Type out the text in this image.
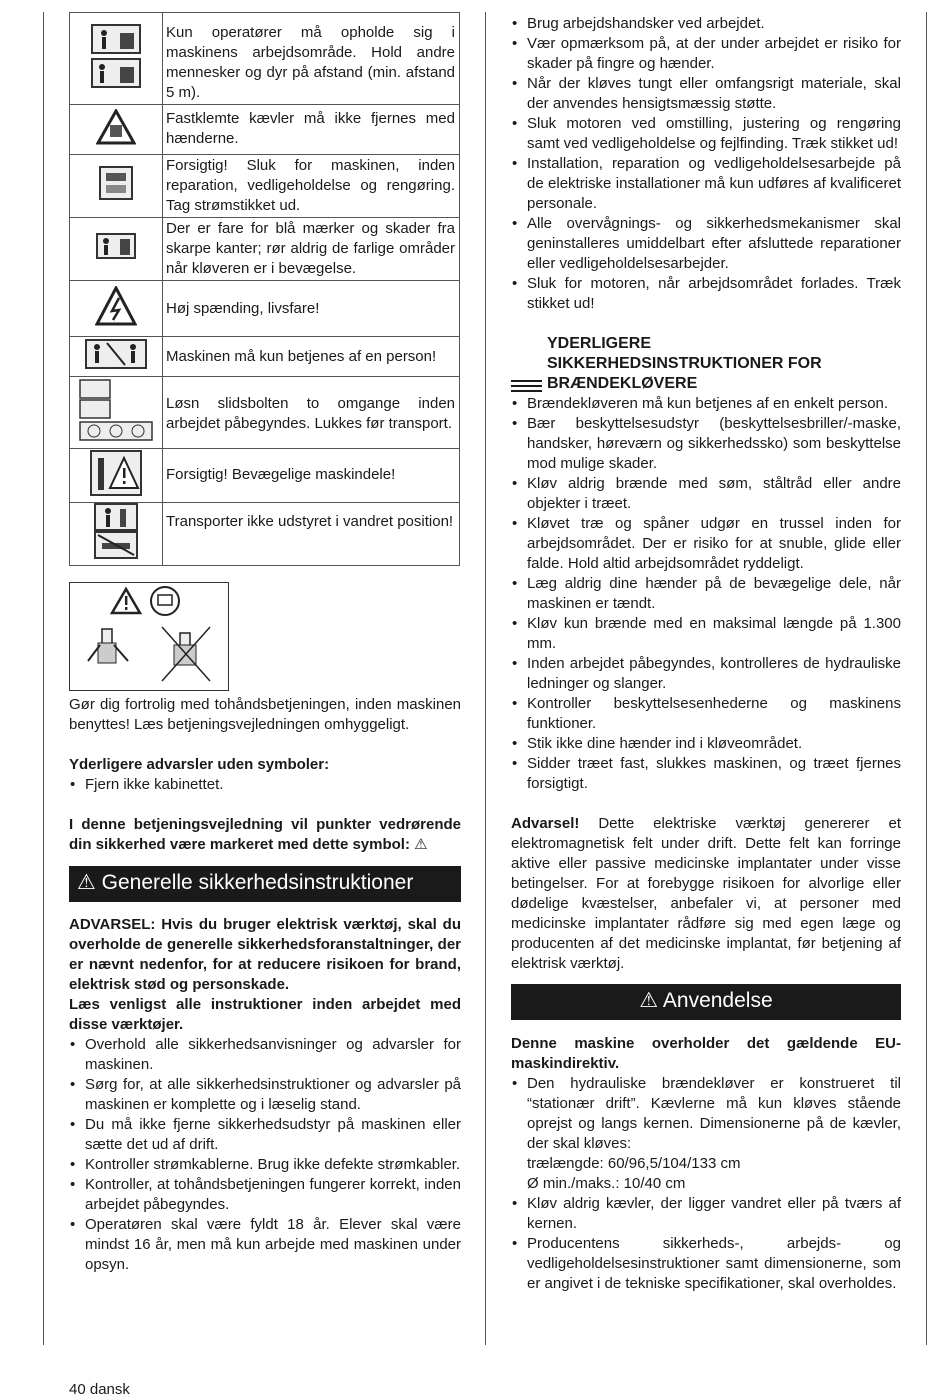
Kun operatører må opholde sig i maskinens arbejdsområde. Hold andre mennesker og dyr på afstand (min. afstand 5 m).

Fastklemte kævler må ikke fjernes med hænderne.

Forsigtig! Sluk for maskinen, inden reparation, vedligeholdelse og rengøring. Tag strømstikket ud.

Der er fare for blå mærker og skader fra skarpe kanter; rør aldrig de farlige områder når kløveren er i bevægelse.

Høj spænding, livsfare!

Maskinen må kun betjenes af en person!

Løsn slidsbolten to omgange inden arbejdet påbegyndes. Lukkes før transport.

Forsigtig! Bevægelige maskindele!

Transporter ikke udstyret i vandret position!

Gør dig fortrolig med tohåndsbetjeningen, inden maskinen benyttes! Læs betjeningsvejledningen omhyggeligt.

Yderligere advarsler uden symboler:

• Fjern ikke kabinettet.

I denne betjeningsvejledning vil punkter vedrørende din sikkerhed være markeret med dette symbol: ⚠

⚠ Generelle sikkerhedsinstruktioner

ADVARSEL: Hvis du bruger elektrisk værktøj, skal du overholde de generelle sikkerhedsforanstaltninger, der er nævnt nedenfor, for at reducere risikoen for brand, elektrisk stød og personskade.

Læs venligst alle instruktioner inden arbejdet med disse værktøjer.

• Overhold alle sikkerhedsanvisninger og advarsler for maskinen.
• Sørg for, at alle sikkerhedsinstruktioner og advarsler på maskinen er komplette og i læselig stand.
• Du må ikke fjerne sikkerhedsudstyr på maskinen eller sætte det ud af drift.
• Kontroller strømkablerne. Brug ikke defekte strømkabler.
• Kontroller, at tohåndsbetjeningen fungerer korrekt, inden arbejdet påbegyndes.
• Operatøren skal være fyldt 18 år. Elever skal være mindst 16 år, men må kun arbejde med maskinen under opsyn.
• Brug arbejdshandsker ved arbejdet.
• Vær opmærksom på, at der under arbejdet er risiko for skader på fingre og hænder.
• Når der kløves tungt eller omfangsrigt materiale, skal der anvendes hensigtsmæssig støtte.
• Sluk motoren ved omstilling, justering og rengøring samt ved vedligeholdelse og fejlfinding. Træk stikket ud!
• Installation, reparation og vedligeholdelsesarbejde på de elektriske installationer må kun udføres af kvalificeret personale.
• Alle overvågnings- og sikkerhedsmekanismer skal geninstalleres umiddelbart efter afsluttede reparationer eller vedligeholdelsesarbejder.
• Sluk for motoren, når arbejdsområdet forlades. Træk stikket ud!
YDERLIGERE SIKKERHEDSINSTRUKTIONER FOR BRÆNDEKLØVERE
• Brændekløveren må kun betjenes af en enkelt person.
• Bær beskyttelsesudstyr (beskyttelsesbriller/-maske, handsker, høreværn og sikkerhedssko) som beskyttelse mod mulige skader.
• Kløv aldrig brænde med søm, ståltråd eller andre objekter i træet.
• Kløvet træ og spåner udgør en trussel inden for arbejdsområdet. Der er risiko for at snuble, glide eller falde. Hold altid arbejdsområdet ryddeligt.
• Læg aldrig dine hænder på de bevægelige dele, når maskinen er tændt.
• Kløv kun brænde med en maksimal længde på 1.300 mm.
• Inden arbejdet påbegyndes, kontrolleres de hydrauliske ledninger og slanger.
• Kontroller beskyttelsesenhederne og maskinens funktioner.
• Stik ikke dine hænder ind i kløveområdet.
• Sidder træet fast, slukkes maskinen, og træet fjernes forsigtigt.

Advarsel! Dette elektriske værktøj genererer et elektromagnetisk felt under drift. Dette felt kan forringe aktive eller passive medicinske implantater under visse betingelser. For at forebygge risikoen for alvorlige eller dødelige kvæstelser, anbefaler vi, at personer med medicinske implantater rådføre sig med egen læge og producenten af det medicinske implantat, før betjening af elektrisk værktøj.

⚠ Anvendelse

Denne maskine overholder det gældende EU-maskindirektiv.

• Den hydrauliske brændekløver er konstrueret til “stationær drift”. Kævlerne må kun kløves stående oprejst og langs kernen. Dimensionerne på de kævler, der skal kløves:
trælængde: 60/96,5/104/133 cm
Ø min./maks.: 10/40 cm
• Kløv aldrig kævler, der ligger vandret eller på tværs af kernen.
• Producentens sikkerheds-, arbejds- og vedligeholdelsesinstruktioner samt dimensionerne, som er angivet i de tekniske specifikationer, skal overholdes.
40 dansk
